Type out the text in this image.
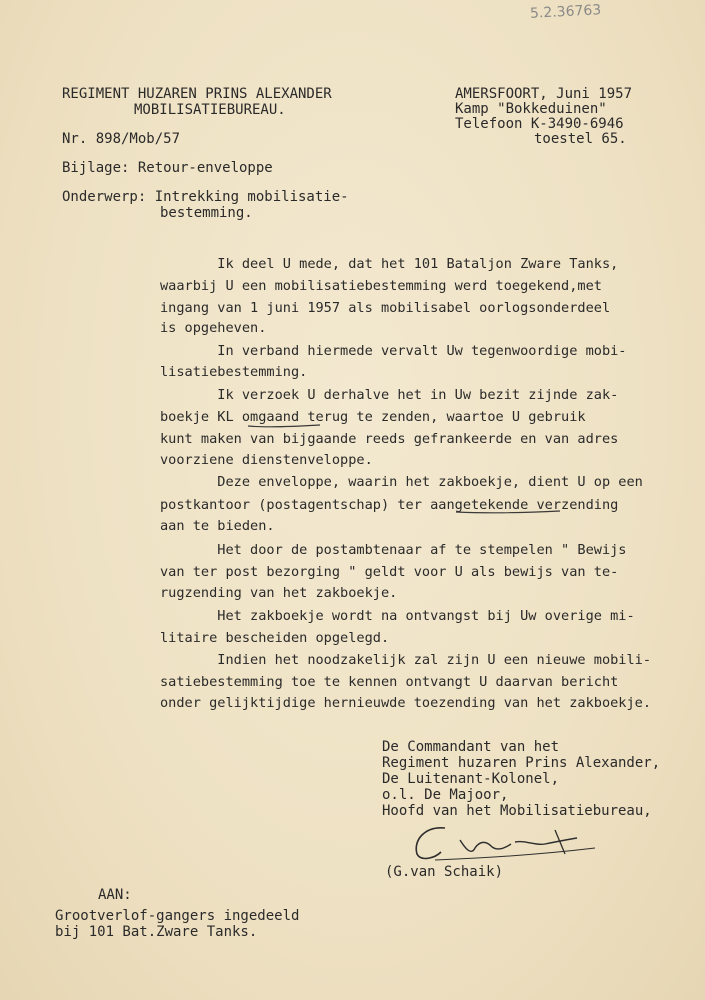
5.2.36763
REGIMENT HUZAREN PRINS ALEXANDER
MOBILISATIEBUREAU.
AMERSFOORT, Juni 1957
Kamp "Bokkeduinen"
Telefoon K-3490-6946
toestel 65.
Nr. 898/Mob/57
Bijlage: Retour-enveloppe
Onderwerp: Intrekking mobilisatie-
bestemming.
Ik deel U mede, dat het 101 Bataljon Zware Tanks,
waarbij U een mobilisatiebestemming werd toegekend,met
ingang van 1 juni 1957 als mobilisabel oorlogsonderdeel
is opgeheven.
In verband hiermede vervalt Uw tegenwoordige mobi-
lisatiebestemming.
Ik verzoek U derhalve het in Uw bezit zijnde zak-
boekje KL omgaand terug te zenden, waartoe U gebruik
kunt maken van bijgaande reeds gefrankeerde en van adres
voorziene dienstenveloppe.
Deze enveloppe, waarin het zakboekje, dient U op een
postkantoor (postagentschap) ter aangetekende verzending
aan te bieden.
Het door de postambtenaar af te stempelen " Bewijs
van ter post bezorging " geldt voor U als bewijs van te-
rugzending van het zakboekje.
Het zakboekje wordt na ontvangst bij Uw overige mi-
litaire bescheiden opgelegd.
Indien het noodzakelijk zal zijn U een nieuwe mobili-
satiebestemming toe te kennen ontvangt U daarvan bericht
onder gelijktijdige hernieuwde toezending van het zakboekje.
De Commandant van het
Regiment huzaren Prins Alexander,
De Luitenant-Kolonel,
o.l. De Majoor,
Hoofd van het Mobilisatiebureau,
(G.van Schaik)
AAN:
Grootverlof-gangers ingedeeld
bij 101 Bat.Zware Tanks.
